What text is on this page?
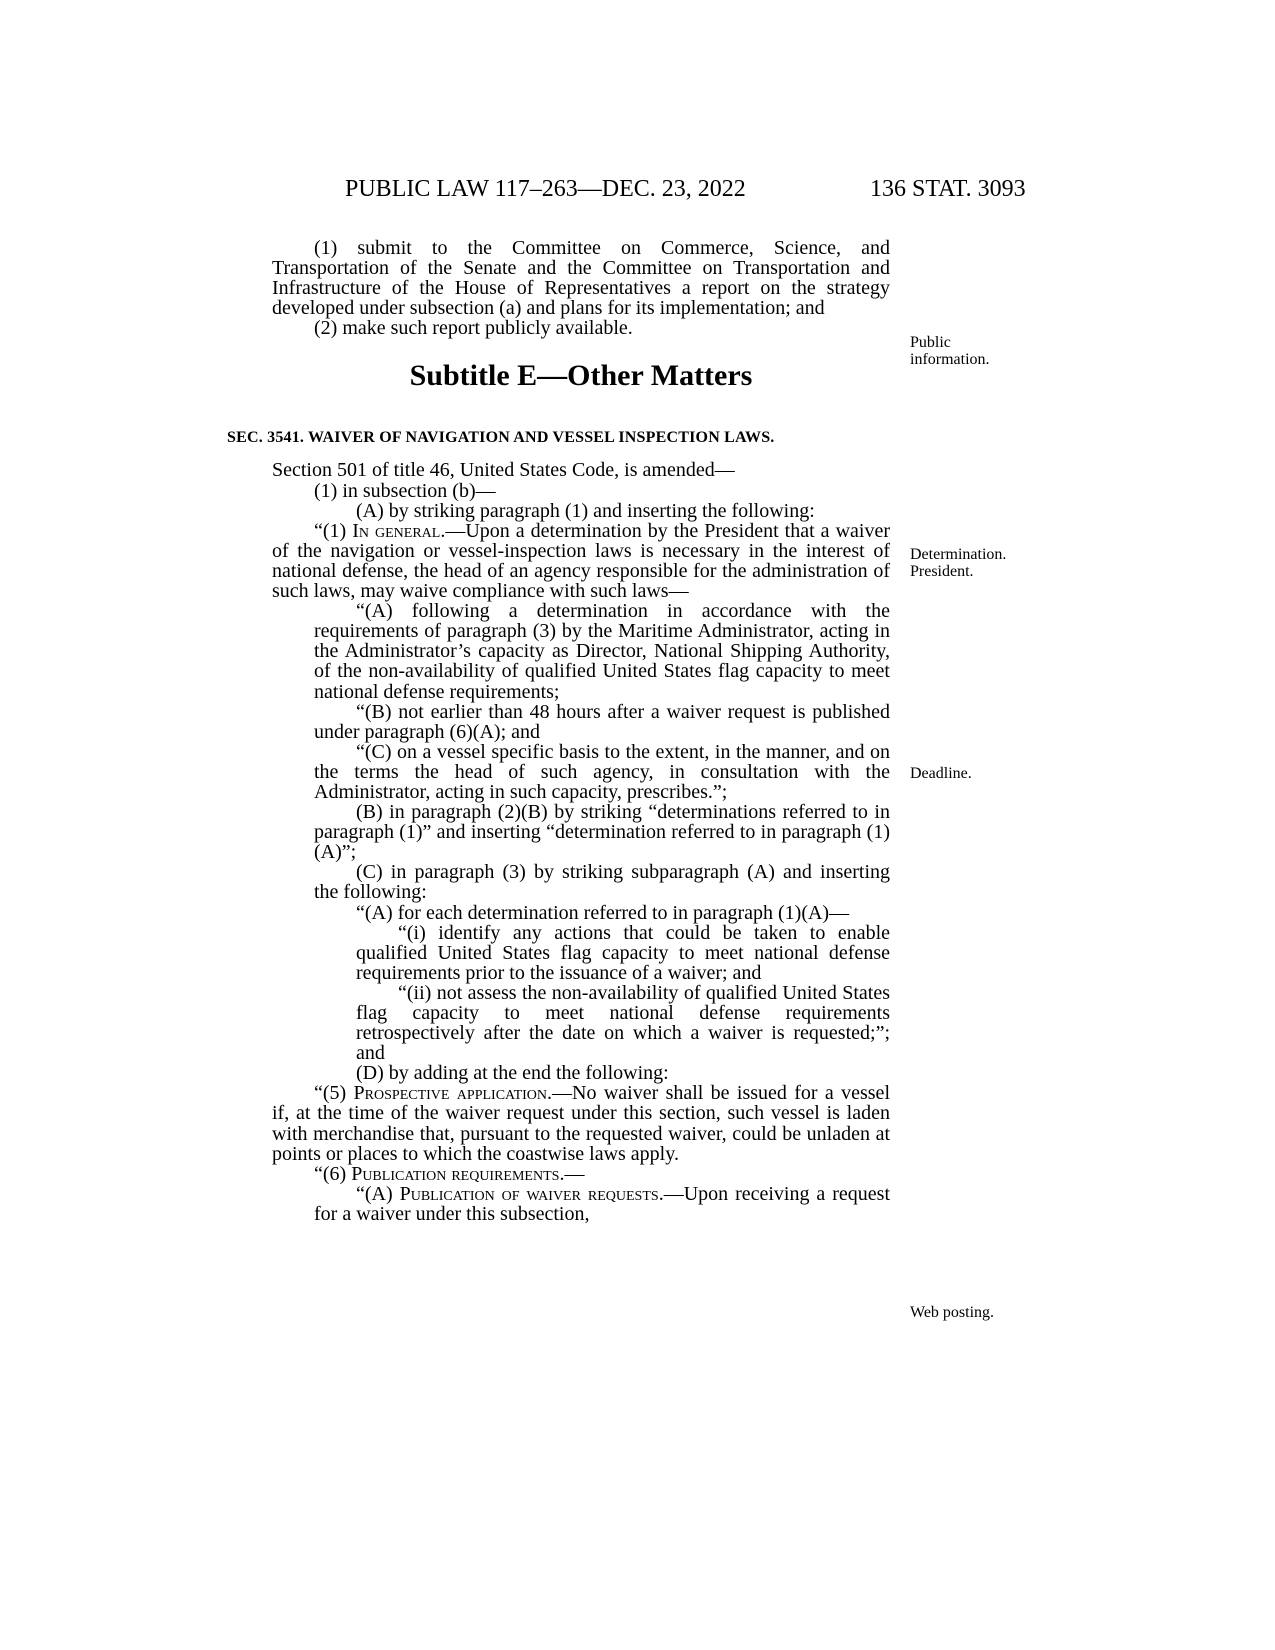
PUBLIC LAW 117–263—DEC. 23, 2022	136 STAT. 3093

(1) submit to the Committee on Commerce, Science, and Transportation of the Senate and the Committee on Transportation and Infrastructure of the House of Representatives a report on the strategy developed under subsection (a) and plans for its implementation; and

(2) make such report publicly available.

Subtitle E—Other Matters
SEC. 3541. WAIVER OF NAVIGATION AND VESSEL INSPECTION LAWS.

Section 501 of title 46, United States Code, is amended—

(1) in subsection (b)—

(A) by striking paragraph (1) and inserting the following:

“(1) In general.—Upon a determination by the President that a waiver of the navigation or vessel-inspection laws is necessary in the interest of national defense, the head of an agency responsible for the administration of such laws, may waive compliance with such laws—

“(A) following a determination in accordance with the requirements of paragraph (3) by the Maritime Administrator, acting in the Administrator’s capacity as Director, National Shipping Authority, of the non-availability of qualified United States flag capacity to meet national defense requirements;

“(B) not earlier than 48 hours after a waiver request is published under paragraph (6)(A); and

“(C) on a vessel specific basis to the extent, in the manner, and on the terms the head of such agency, in consultation with the Administrator, acting in such capacity, prescribes.”;

(B) in paragraph (2)(B) by striking “determinations referred to in paragraph (1)” and inserting “determination referred to in paragraph (1)(A)”;

(C) in paragraph (3) by striking subparagraph (A) and inserting the following:

“(A) for each determination referred to in paragraph (1)(A)—

“(i) identify any actions that could be taken to enable qualified United States flag capacity to meet national defense requirements prior to the issuance of a waiver; and

“(ii) not assess the non-availability of qualified United States flag capacity to meet national defense requirements retrospectively after the date on which a waiver is requested;”; and

(D) by adding at the end the following:

“(5) Prospective application.—No waiver shall be issued for a vessel if, at the time of the waiver request under this section, such vessel is laden with merchandise that, pursuant to the requested waiver, could be unladen at points or places to which the coastwise laws apply.

“(6) Publication requirements.—

“(A) Publication of waiver requests.—Upon receiving a request for a waiver under this subsection,

Public
information.
Determination.
President.
Deadline.
Web posting.
